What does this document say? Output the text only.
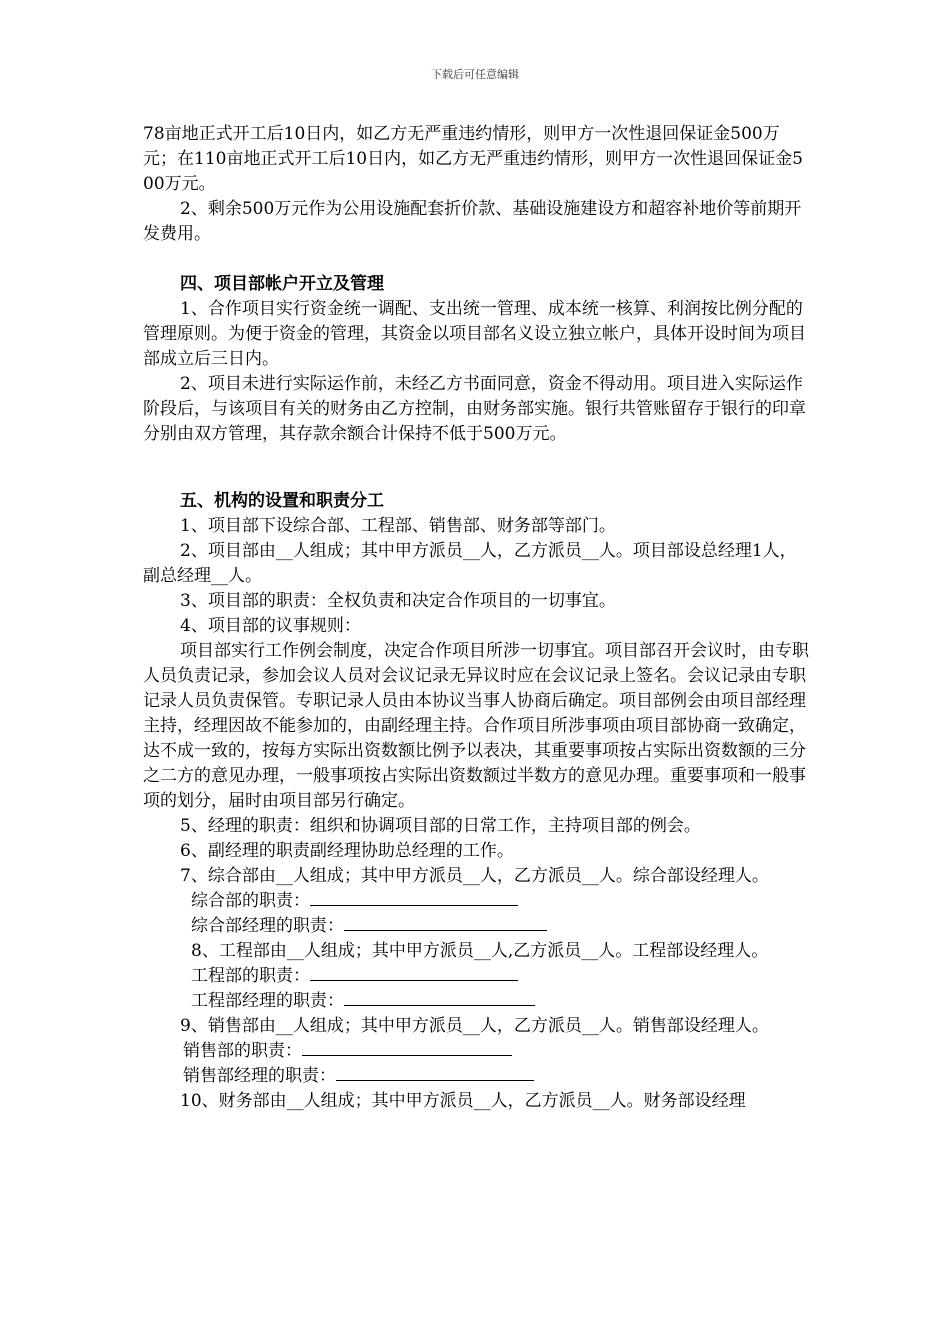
下载后可任意编辑

78亩地正式开工后10日内，如乙方无严重违约情形，则甲方一次性退回保证金500万元；在110亩地正式开工后10日内，如乙方无严重违约情形，则甲方一次性退回保证金500万元。

2、剩余500万元作为公用设施配套折价款、基础设施建设方和超容补地价等前期开发费用。

四、项目部帐户开立及管理

1、合作项目实行资金统一调配、支出统一管理、成本统一核算、利润按比例分配的管理原则。为便于资金的管理，其资金以项目部名义设立独立帐户，具体开设时间为项目部成立后三日内。

2、项目未进行实际运作前，未经乙方书面同意，资金不得动用。项目进入实际运作阶段后，与该项目有关的财务由乙方控制，由财务部实施。银行共管账留存于银行的印章分别由双方管理，其存款余额合计保持不低于500万元。

五、机构的设置和职责分工

1、项目部下设综合部、工程部、销售部、财务部等部门。

2、项目部由__人组成；其中甲方派员__人，乙方派员__人。项目部设总经理1人，副总经理__人。

3、项目部的职责：全权负责和决定合作项目的一切事宜。

4、项目部的议事规则：

项目部实行工作例会制度，决定合作项目所涉一切事宜。项目部召开会议时，由专职人员负责记录，参加会议人员对会议记录无异议时应在会议记录上签名。会议记录由专职记录人员负责保管。专职记录人员由本协议当事人协商后确定。项目部例会由项目部经理主持，经理因故不能参加的，由副经理主持。合作项目所涉事项由项目部协商一致确定，达不成一致的，按每方实际出资数额比例予以表决，其重要事项按占实际出资数额的三分之二方的意见办理，一般事项按占实际出资数额过半数方的意见办理。重要事项和一般事项的划分，届时由项目部另行确定。

5、经理的职责：组织和协调项目部的日常工作，主持项目部的例会。

6、副经理的职责副经理协助总经理的工作。

7、综合部由__人组成；其中甲方派员__人，乙方派员__人。综合部设经理人。

综合部的职责：

综合部经理的职责：

8、工程部由__人组成；其中甲方派员__人,乙方派员__人。工程部设经理人。

工程部的职责：

工程部经理的职责：

9、销售部由__人组成；其中甲方派员__人，乙方派员__人。销售部设经理人。

销售部的职责：

销售部经理的职责：

10、财务部由__人组成；其中甲方派员__人，乙方派员__人。财务部设经理
